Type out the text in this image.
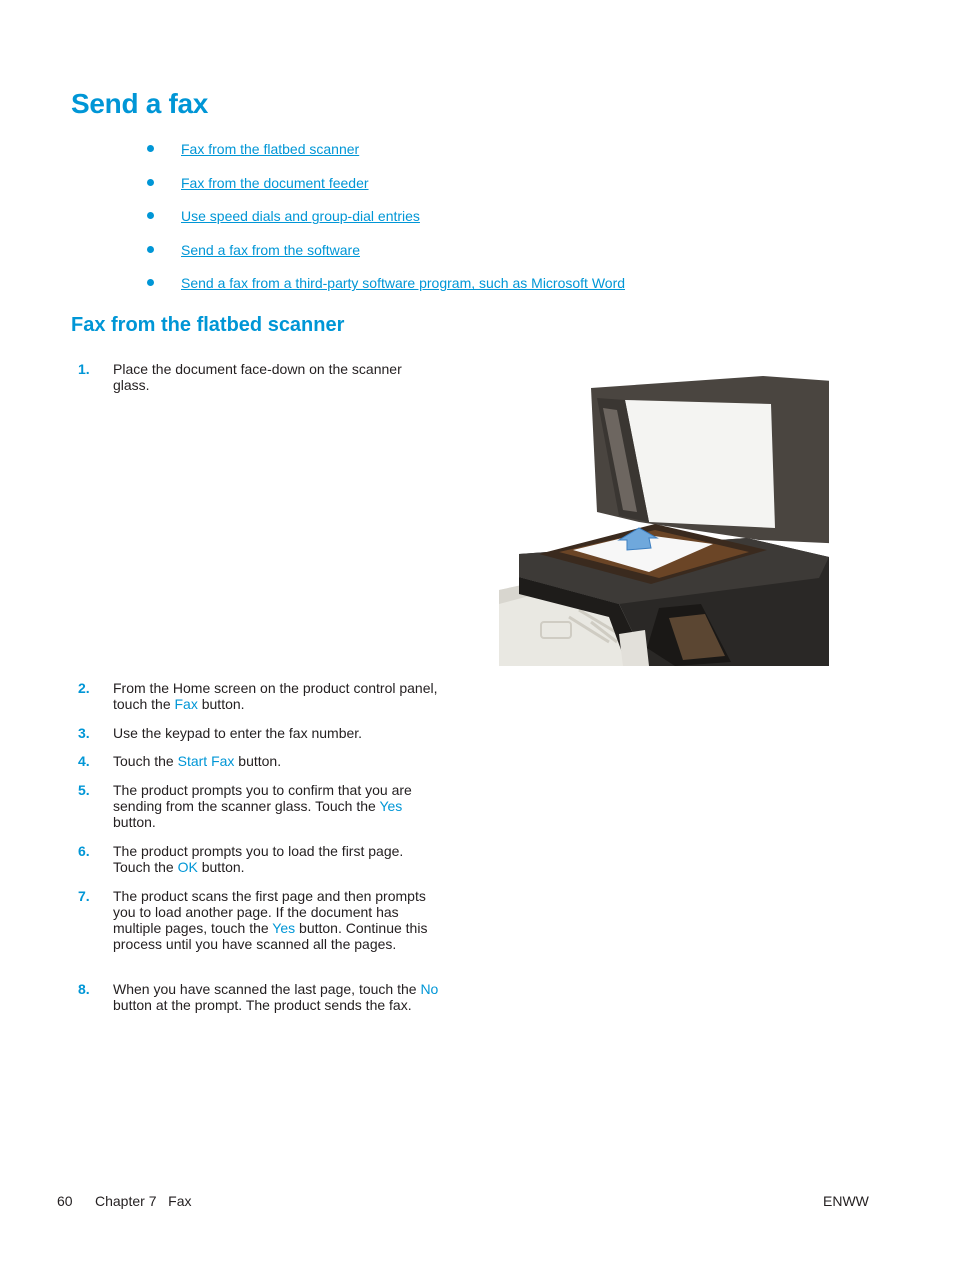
Send a fax
Fax from the flatbed scanner
Fax from the document feeder
Use speed dials and group-dial entries
Send a fax from the software
Send a fax from a third-party software program, such as Microsoft Word
Fax from the flatbed scanner
1. Place the document face-down on the scanner glass.
2. From the Home screen on the product control panel, touch the Fax button.
3. Use the keypad to enter the fax number.
4. Touch the Start Fax button.
5. The product prompts you to confirm that you are sending from the scanner glass. Touch the Yes button.
6. The product prompts you to load the first page. Touch the OK button.
7. The product scans the first page and then prompts you to load another page. If the document has multiple pages, touch the Yes button. Continue this process until you have scanned all the pages.
8. When you have scanned the last page, touch the No button at the prompt. The product sends the fax.
60 Chapter 7   Fax	ENWW
